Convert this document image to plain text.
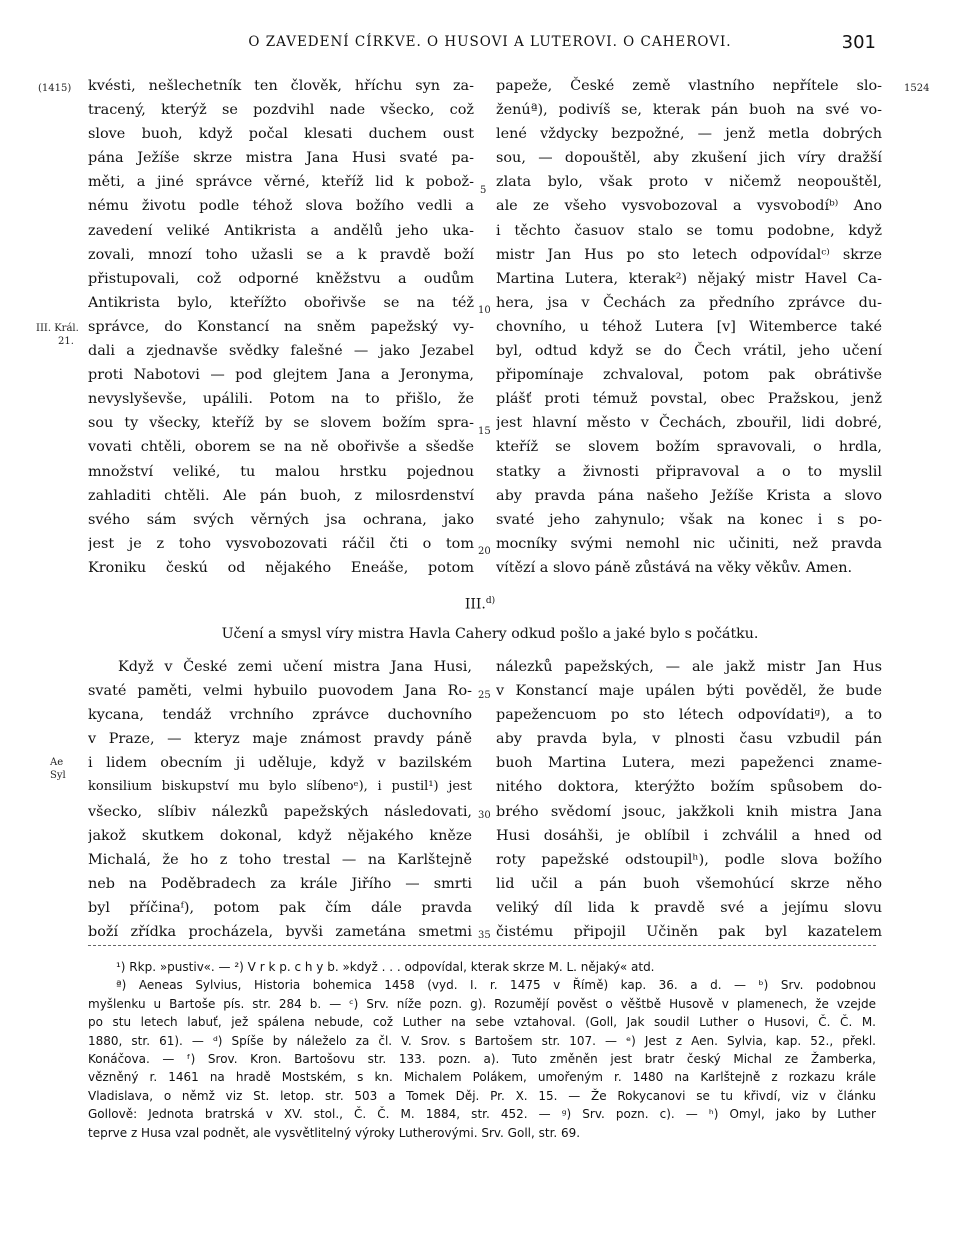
O ZAVEDENÍ CÍRKVE. O HUSOVI A LUTEROVI. O CAHEROVI.	301
(1415)	1524
III. Král.
21.
Ae
Syl
5
10
15
20
25
30
35
kvésti, nešlechetník ten člověk, hříchu syn za-
tracený, kterýž se pozdvihl nade všecko, což
slove buoh, když počal klesati duchem oust
pána Ježíše skrze mistra Jana Husi svaté pa-
měti, a jiné správce věrné, kteříž lid k pobož-
nému životu podle téhož slova božího vedli a
zavedení veliké Antikrista a andělů jeho uka-
zovali, mnozí toho užasli se a k pravdě boží
přistupovali, což odporné kněžstvu a oudům
Antikrista bylo, kteřížto obořivše se na též
správce, do Konstancí na sněm papežský vy-
dali a zjednavše svědky falešné — jako Jezabel
proti Nabotovi — pod glejtem Jana a Jeronyma,
nevyslyševše, upálili. Potom na to přišlo, že
sou ty všecky, kteříž by se slovem božím spra-
vovati chtěli, oborem se na ně obořivše a sšedše
množství veliké, tu malou hrstku pojednou
zahladiti chtěli. Ale pán buoh, z milosrdenství
svého sám svých věrných jsa ochrana, jako
jest je z toho vysvobozovati ráčil čti o tom
Kroniku českú od nějakého Eneáše, potom
papeže, České země vlastního nepřítele slo-
ženúª), podivíš se, kterak pán buoh na své vo-
lené vždycky bezpožné, — jenž metla dobrých
sou, — dopouštěl, aby zkušení jich víry dražší
zlata bylo, však proto v ničemž neopouštěl,
ale ze všeho vysvobozoval a vysvobodíᵇ⁾ Ano
i těchto časuov stalo se tomu podobne, když
mistr Jan Hus po sto letech odpovídalᶜ⁾ skrze
Martina Lutera, kterak²) nějaký mistr Havel Ca-
hera, jsa v Čechách za předního zprávce du-
chovního, u téhož Lutera [v] Witemberce také
byl, odtud když se do Čech vrátil, jeho učení
připomínaje zchvaloval, potom pak obrátivše
plášť proti témuž povstal, obec Pražskou, jenž
jest hlavní město v Čechách, zbouřil, lidi dobré,
kteříž se slovem božím spravovali, o hrdla,
statky a živnosti připravoval a o to myslil
aby pravda pána našeho Ježíše Krista a slovo
svaté jeho zahynulo; však na konec i s po-
mocníky svými nemohl nic učiniti, než pravda
vítězí a slovo páně zůstává na věky věkův. Amen.
III.$^{d)}$
Učení a smysl víry mistra Havla Cahery odkud pošlo a jaké bylo s počátku.
Když v České zemi učení mistra Jana Husi,
svaté paměti, velmi hybuilo puovodem Jana Ro-
kycana, tendáž vrchního zprávce duchovního
v Praze, — kteryz maje známost pravdy páně
i lidem obecním ji uděluje, když v bazilském
konsilium biskupství mu bylo slíbenoᵉ), i pustil¹) jest
všecko, slíbiv nálezků papežských následovati,
jakož skutkem dokonal, když nějakého kněze
Michalá, že ho z toho trestal — na Karlštejně
neb na Poděbradech za krále Jiřího — smrti
byl příčinaᶠ), potom pak čím dále pravda
boží zřídka procházela, byvši zametána smetmi
nálezků papežských, — ale jakž mistr Jan Hus
v Konstancí maje upálen býti pověděl, že bude
papežencuom po sto létech odpovídatiᵍ), a to
aby pravda byla, v plnosti času vzbudil pán
buoh Martina Lutera, mezi papeženci zname-
nitého doktora, kterýžto božím spůsobem do-
brého svědomí jsouc, jakžkoli knih mistra Jana
Husi dosáhši, je oblíbil i zchválil a hned od
roty papežské odstoupilʰ), podle slova božího
lid učil a pán buoh všemohúcí skrze něho
veliký díl lida k pravdě své a jejímu slovu
čistému připojil Učiněn pak byl kazatelem
¹) Rkp. »pustiv«. — ²) V r k p. c h y b. »když . . . odpovídal, kterak skrze M. L. nějaký« atd.
ª) Aeneas Sylvius, Historia bohemica 1458 (vyd. I. r. 1475 v Římě) kap. 36. a d. — ᵇ) Srv. podobnou
myšlenku u Bartoše pís. str. 284 b. — ᶜ) Srv. níže pozn. g). Rozumějí pověst o věštbě Husově v plamenech, že vzejde
po stu letech labuť, jež spálena nebude, což Luther na sebe vztahoval. (Goll, Jak soudil Luther o Husovi, Č. Č. M.
1880, str. 61). — ᵈ) Spíše by náleželo za čl. V. Srov. s Bartošem str. 107. — ᵉ) Jest z Aen. Sylvia, kap. 52., překl.
Konáčova. — ᶠ) Srov. Kron. Bartošovu str. 133. pozn. a). Tuto změněn jest bratr český Michal ze Žamberka,
vězněný r. 1461 na hradě Mostském, s kn. Michalem Polákem, umořeným r. 1480 na Karlštejně z rozkazu krále
Vladislava, o němž viz St. letop. str. 503 a Tomek Děj. Pr. X. 15. — Že Rokycanovi se tu křivdí, viz v článku
Gollově: Jednota bratrská v XV. stol., Č. Č. M. 1884, str. 452. — ᵍ) Srv. pozn. c). — ʰ) Omyl, jako by Luther
teprve z Husa vzal podnět, ale vysvětlitelný výroky Lutherovými. Srv. Goll, str. 69.
